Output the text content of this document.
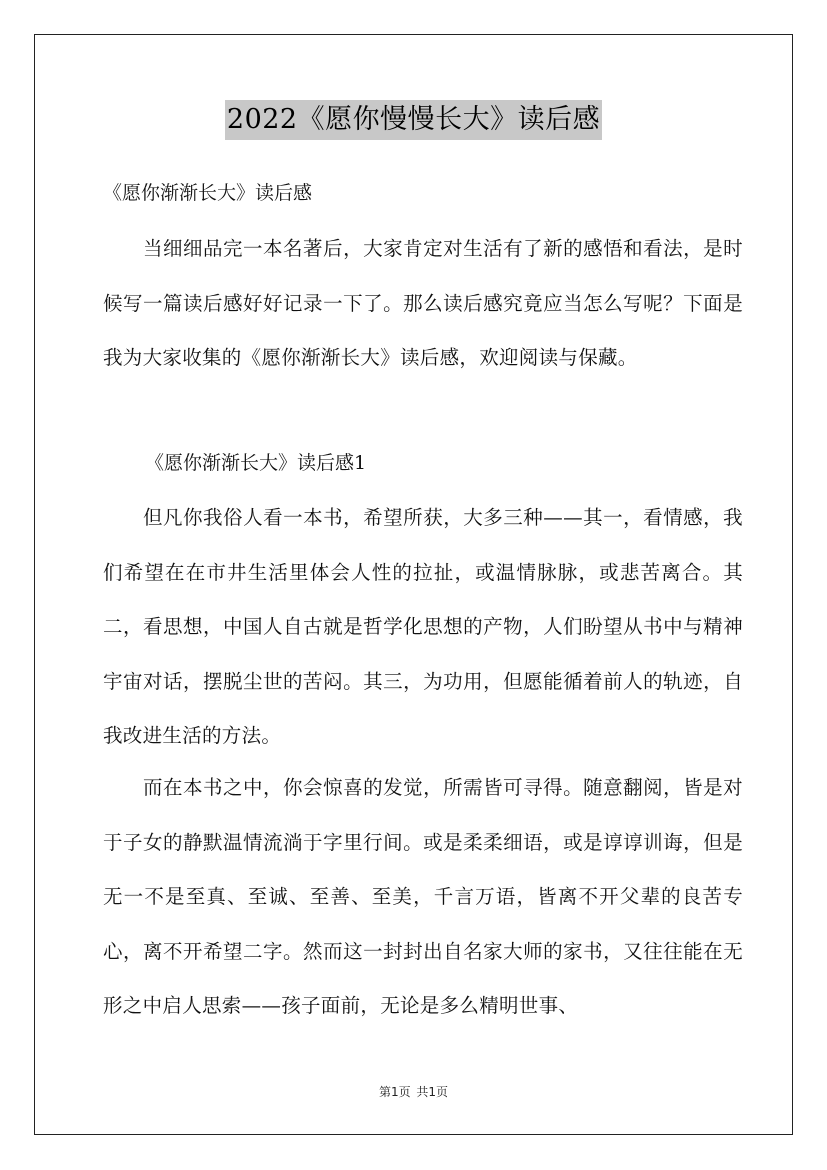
2022《愿你慢慢长大》读后感
《愿你渐渐长大》读后感
当细细品完一本名著后，大家肯定对生活有了新的感悟和看法，是时候写一篇读后感好好记录一下了。那么读后感究竟应当怎么写呢？下面是我为大家收集的《愿你渐渐长大》读后感，欢迎阅读与保藏。
《愿你渐渐长大》读后感1
但凡你我俗人看一本书，希望所获，大多三种——其一，看情感，我们希望在在市井生活里体会人性的拉扯，或温情脉脉，或悲苦离合。其二，看思想，中国人自古就是哲学化思想的产物，人们盼望从书中与精神宇宙对话，摆脱尘世的苦闷。其三，为功用，但愿能循着前人的轨迹，自我改进生活的方法。
而在本书之中，你会惊喜的发觉，所需皆可寻得。随意翻阅，皆是对于子女的静默温情流淌于字里行间。或是柔柔细语，或是谆谆训诲，但是无一不是至真、至诚、至善、至美，千言万语，皆离不开父辈的良苦专心，离不开希望二字。然而这一封封出自名家大师的家书，又往往能在无形之中启人思索——孩子面前，无论是多么精明世事、
第1页 共1页
